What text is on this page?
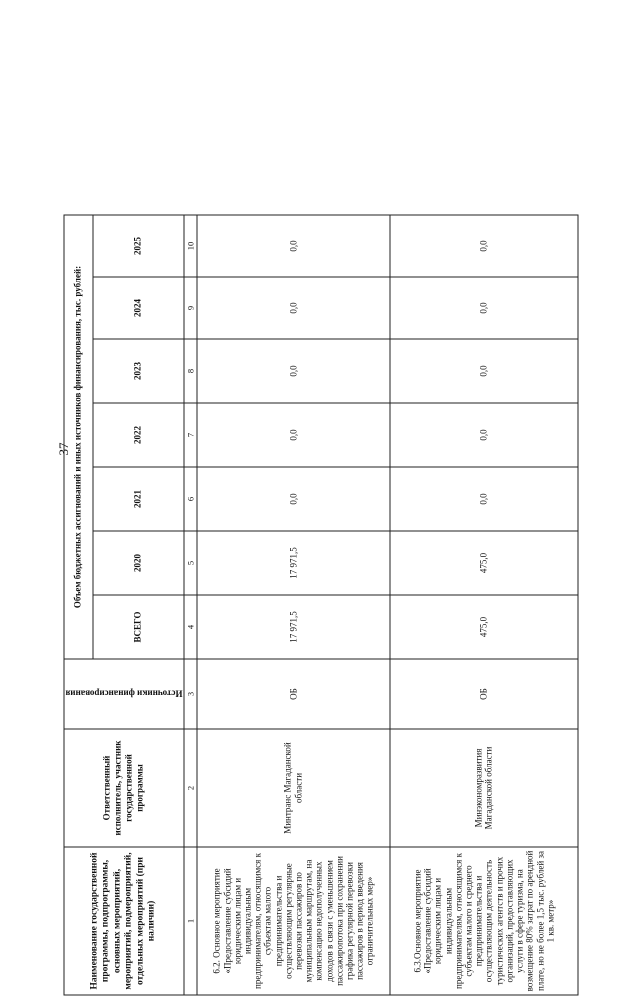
37
Наименование государственной программы, подпрограммы, основных мероприятий, мероприятий, подмероприятий, отдельных мероприятий (при наличии)	Ответственный исполнитель, участник государственной программы	Источники финансирования	Объем бюджетных ассигнований и иных источников финансирования, тыс. рублей:						
			ВСЕГО	2020	2021	2022	2023	2024	2025
1	2	3	4	5	6	7	8	9	10
6.2. Основное мероприятие «Предоставление субсидий юридическим лицам и индивидуальным предпринимателям, относящимся к субъектам малого предпринимательства и осуществляющим регулярные перевозки пассажиров по муниципальным маршрутам, на компенсацию недополученных доходов в связи с уменьшением пассажиропотока при сохранении графика регулярной перевозки пассажиров в период введения ограничительных мер»	Минтранс Магаданской области	ОБ	17 971,5	17 971,5	0,0	0,0	0,0	0,0	0,0
6.3.Основное мероприятие «Предоставление субсидий юридическим лицам и индивидуальным предпринимателям, относящимся к субъектам малого и среднего предпринимательства и осуществляющим деятельность туристических агентств и прочих организаций, предоставляющих услуги в сфере туризма, на возмещение 80% затрат по арендной плате, но не более 1,5 тыс. рублей за 1 кв. метр»	Минэкономразвития Магаданской области	ОБ	475,0	475,0	0,0	0,0	0,0	0,0	0,0
